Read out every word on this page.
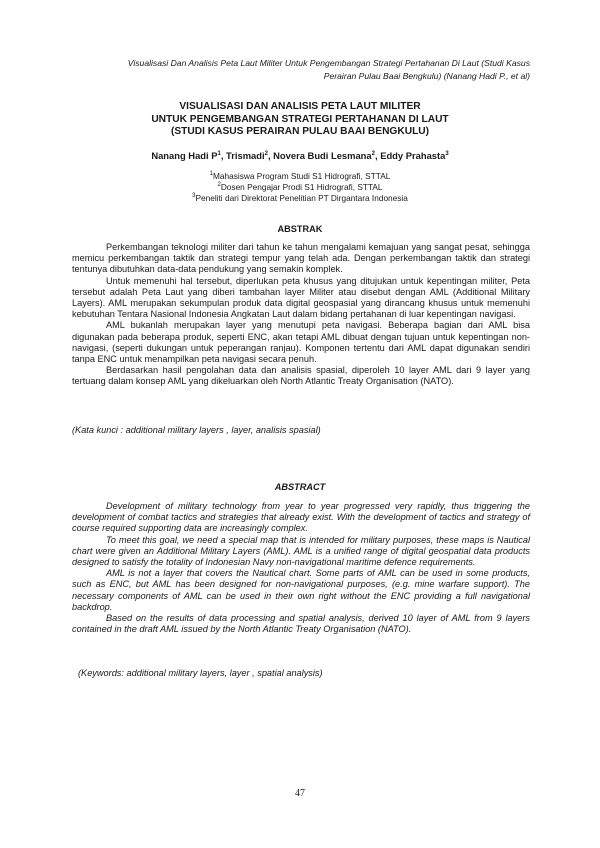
Visualisasi Dan Analisis Peta Laut Militer Untuk Pengembangan Strategi Pertahanan Di Laut (Studi Kasus
Perairan Pulau Baai Bengkulu) (Nanang Hadi P., et al)
VISUALISASI DAN ANALISIS PETA LAUT MILITER
UNTUK PENGEMBANGAN STRATEGI PERTAHANAN DI LAUT
(STUDI KASUS PERAIRAN PULAU BAAI BENGKULU)
Nanang Hadi $P^1$, Trismadi$^2$, Novera Budi Lesmana$^2$, Eddy Prahasta$^3$
$^1$Mahasiswa Program Studi S1 Hidrografi, STTAL
$^2$Dosen Pengajar Prodi S1 Hidrografi, STTAL
$^3$Peneliti dari Direktorat Penelitian PT Dirgantara Indonesia
ABSTRAK

Perkembangan teknologi militer dari tahun ke tahun mengalami kemajuan yang sangat pesat, sehingga memicu perkembangan taktik dan strategi tempur yang telah ada. Dengan perkembangan taktik dan strategi tentunya dibutuhkan data-data pendukung yang semakin komplek.

Untuk memenuhi hal tersebut, diperlukan peta khusus yang ditujukan untuk kepentingan militer, Peta tersebut adalah Peta Laut yang diberi tambahan layer Militer atau disebut dengan AML (Additional Military Layers). AML merupakan sekumpulan produk data digital geospasial yang dirancang khusus untuk memenuhi kebutuhan Tentara Nasional Indonesia Angkatan Laut dalam bidang pertahanan di luar kepentingan navigasi.

AML bukanlah merupakan layer yang menutupi peta navigasi. Beberapa bagian dari AML bisa digunakan pada beberapa produk, seperti ENC, akan tetapi AML dibuat dengan tujuan untuk kepentingan non-navigasi, (seperti dukungan untuk peperangan ranjau). Komponen tertentu dari AML dapat digunakan sendiri tanpa ENC untuk menampilkan peta navigasi secara penuh.

Berdasarkan hasil pengolahan data dan analisis spasial, diperoleh 10 layer AML dari 9 layer yang tertuang dalam konsep AML yang dikeluarkan oleh North Atlantic Treaty Organisation (NATO).

(Kata kunci : additional military layers , layer, analisis spasial)
ABSTRACT

Development of military technology from year to year progressed very rapidly, thus triggering the development of combat tactics and strategies that already exist. With the development of tactics and strategy of course required supporting data are increasingly complex.

To meet this goal, we need a special map that is intended for military purposes, these maps is Nautical chart were given an Additional Military Layers (AML). AML is a unified range of digital geospatial data products designed to satisfy the totality of Indonesian Navy non-navigational maritime defence requirements.

AML is not a layer that covers the Nautical chart. Some parts of AML can be used in some products, such as ENC, but AML has been designed for non-navigational purposes, (e.g. mine warfare support). The necessary components of AML can be used in their own right without the ENC providing a full navigational backdrop.

Based on the results of data processing and spatial analysis, derived 10 layer of AML from 9 layers contained in the draft AML issued by the North Atlantic Treaty Organisation (NATO).

(Keywords: additional military layers, layer , spatial analysis)
47
